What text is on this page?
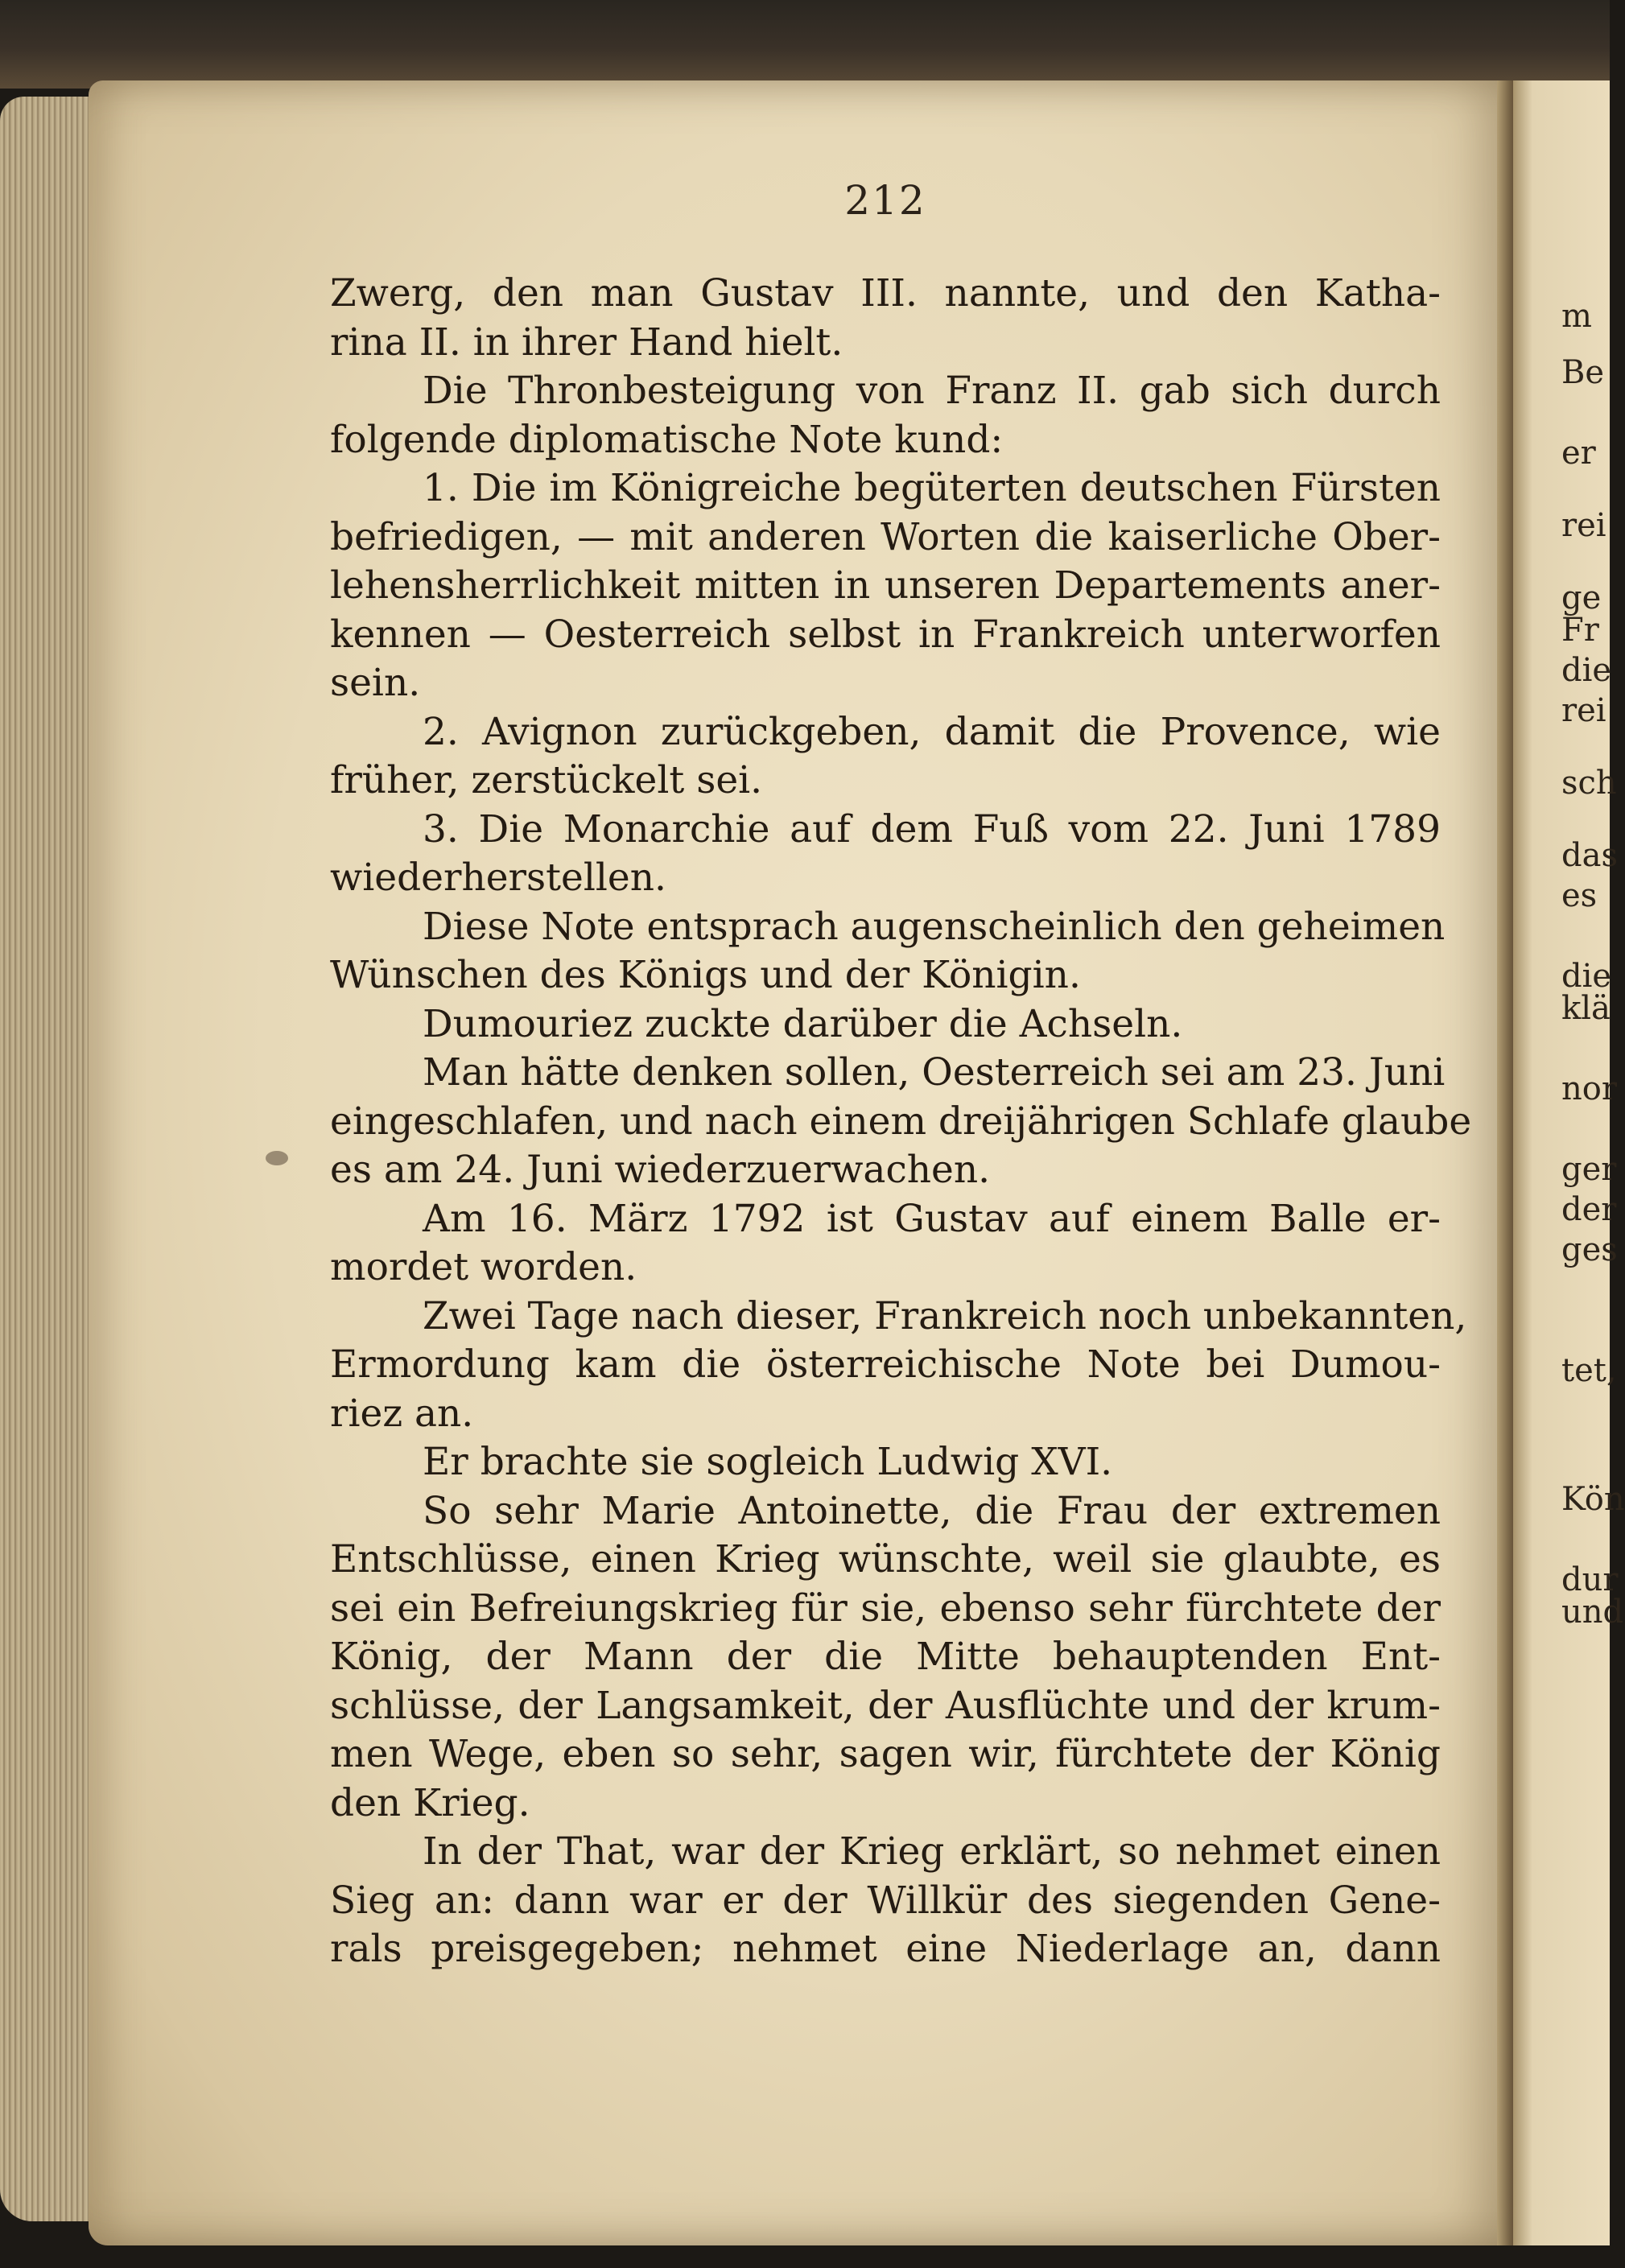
m
Be
er
rei
ge
Fr
die
rei
sch
das
es
die
klä
nor
ger
der
ges
tet,
Kön
dur
und
212
Zwerg, den man Gustav III. nannte, und den Katha-
rina II. in ihrer Hand hielt.
Die Thronbesteigung von Franz II. gab sich durch
folgende diplomatische Note kund:
1. Die im Königreiche begüterten deutschen Fürsten
befriedigen, — mit anderen Worten die kaiserliche Ober-
lehensherrlichkeit mitten in unseren Departements aner-
kennen — Oesterreich selbst in Frankreich unterworfen
sein.
2. Avignon zurückgeben, damit die Provence, wie
früher, zerstückelt sei.
3. Die Monarchie auf dem Fuß vom 22. Juni 1789
wiederherstellen.
Diese Note entsprach augenscheinlich den geheimen
Wünschen des Königs und der Königin.
Dumouriez zuckte darüber die Achseln.
Man hätte denken sollen, Oesterreich sei am 23. Juni
eingeschlafen, und nach einem dreijährigen Schlafe glaube
es am 24. Juni wiederzuerwachen.
Am 16. März 1792 ist Gustav auf einem Balle er-
mordet worden.
Zwei Tage nach dieser, Frankreich noch unbekannten,
Ermordung kam die österreichische Note bei Dumou-
riez an.
Er brachte sie sogleich Ludwig XVI.
So sehr Marie Antoinette, die Frau der extremen
Entschlüsse, einen Krieg wünschte, weil sie glaubte, es
sei ein Befreiungskrieg für sie, ebenso sehr fürchtete der
König, der Mann der die Mitte behauptenden Ent-
schlüsse, der Langsamkeit, der Ausflüchte und der krum-
men Wege, eben so sehr, sagen wir, fürchtete der König
den Krieg.
In der That, war der Krieg erklärt, so nehmet einen
Sieg an: dann war er der Willkür des siegenden Gene-
rals preisgegeben; nehmet eine Niederlage an, dann
